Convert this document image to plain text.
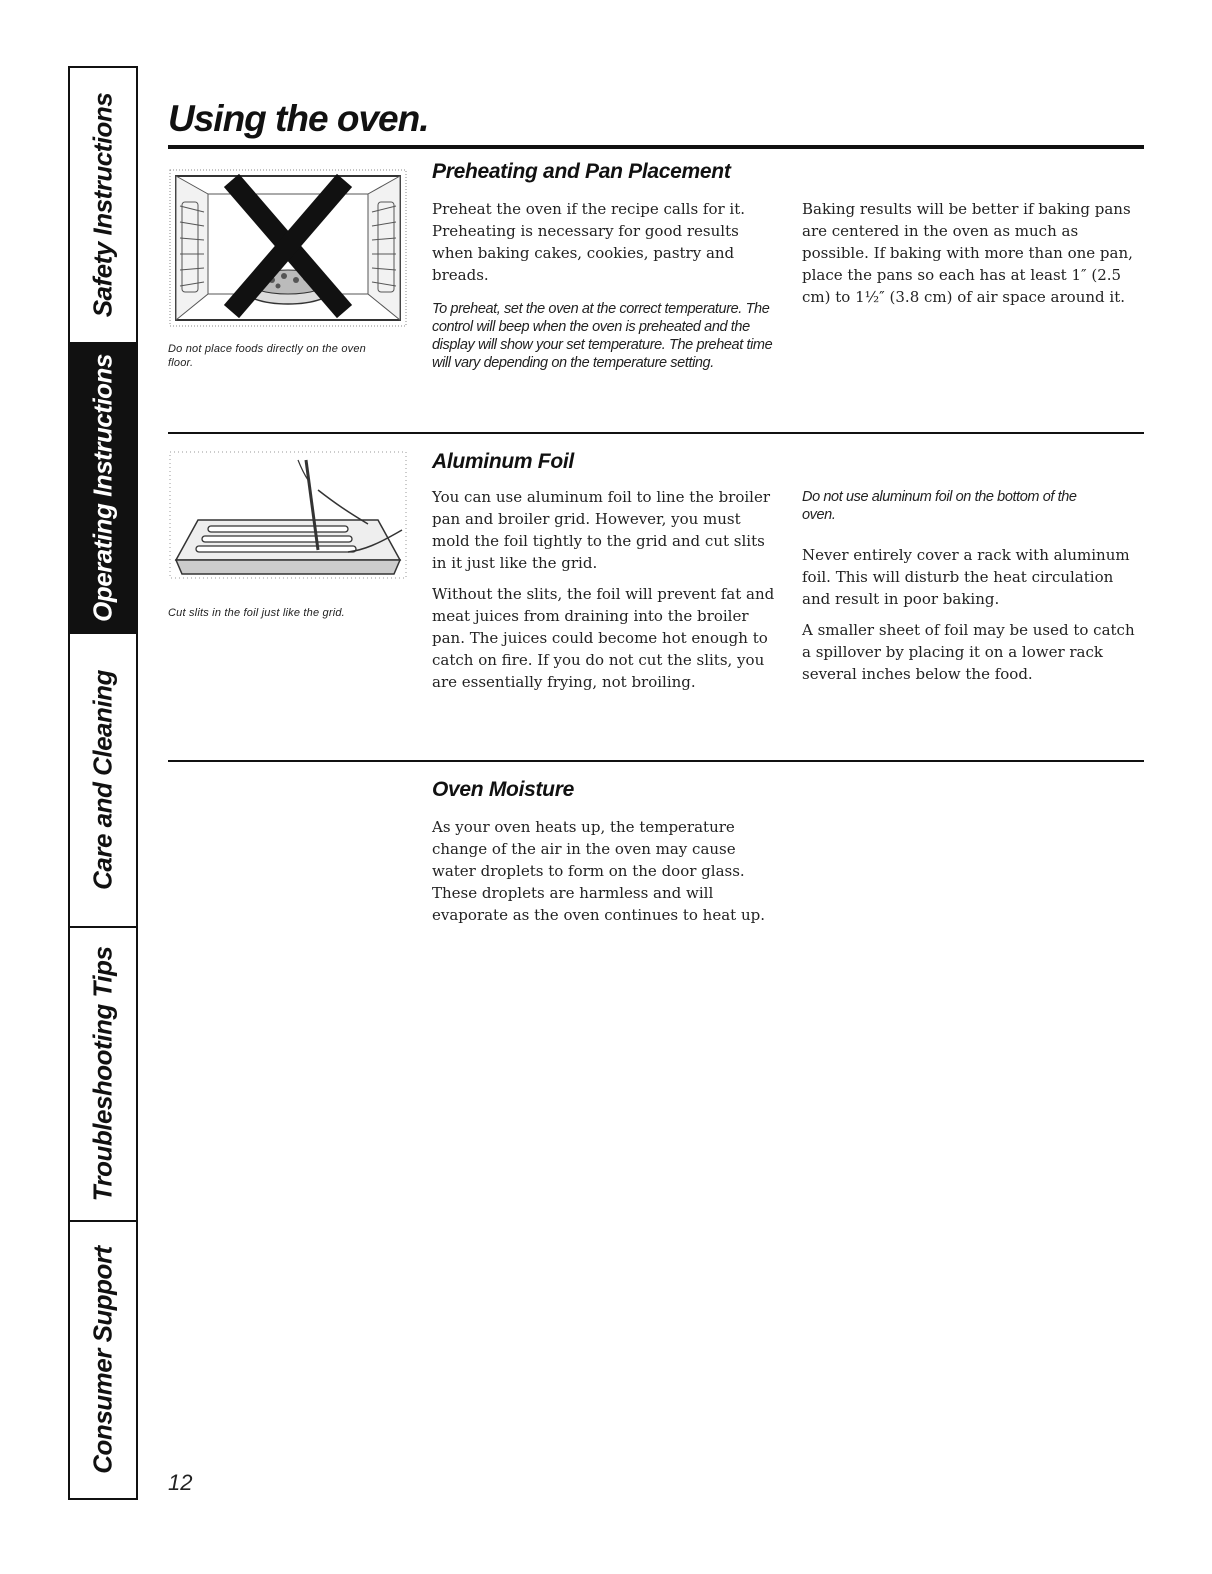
Safety Instructions
Operating Instructions
Care and Cleaning
Troubleshooting Tips
Consumer Support
Using the oven.

Do not place foods directly on the oven floor.

Preheating and Pan Placement

Preheat the oven if the recipe calls for it. Preheating is necessary for good results when baking cakes, cookies, pastry and breads.

To preheat, set the oven at the correct temperature. The control will beep when the oven is preheated and the display will show your set temperature. The preheat time will vary depending on the temperature setting.

Baking results will be better if baking pans are centered in the oven as much as possible. If baking with more than one pan, place the pans so each has at least 1″ (2.5 cm) to 1½″ (3.8 cm) of air space around it.

Cut slits in the foil just like the grid.

Aluminum Foil

You can use aluminum foil to line the broiler pan and broiler grid. However, you must mold the foil tightly to the grid and cut slits in it just like the grid.

Without the slits, the foil will prevent fat and meat juices from draining into the broiler pan. The juices could become hot enough to catch on fire. If you do not cut the slits, you are essentially frying, not broiling.

Do not use aluminum foil on the bottom of the oven.

Never entirely cover a rack with aluminum foil. This will disturb the heat circulation and result in poor baking.

A smaller sheet of foil may be used to catch a spillover by placing it on a lower rack several inches below the food.

Oven Moisture

As your oven heats up, the temperature change of the air in the oven may cause water droplets to form on the door glass. These droplets are harmless and will evaporate as the oven continues to heat up.

12
